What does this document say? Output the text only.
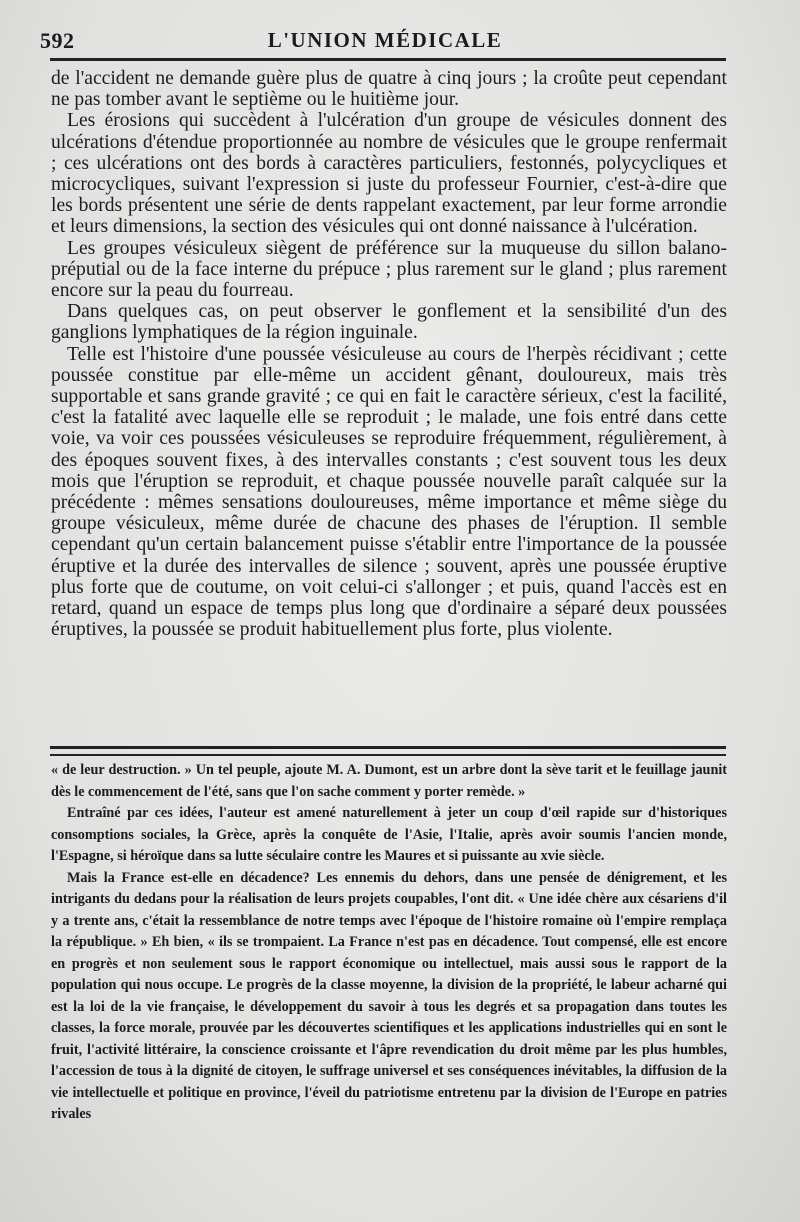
592	L'UNION MÉDICALE

de l'accident ne demande guère plus de quatre à cinq jours ; la croûte peut cependant ne pas tomber avant le septième ou le huitième jour.

Les érosions qui succèdent à l'ulcération d'un groupe de vésicules donnent des ulcérations d'étendue proportionnée au nombre de vésicules que le groupe renfermait ; ces ulcérations ont des bords à caractères particuliers, festonnés, polycycliques et microcycliques, suivant l'expression si juste du professeur Fournier, c'est-à-dire que les bords présentent une série de dents rappelant exactement, par leur forme arrondie et leurs dimensions, la section des vésicules qui ont donné naissance à l'ulcération.

Les groupes vésiculeux siègent de préférence sur la muqueuse du sillon balano-préputial ou de la face interne du prépuce ; plus rarement sur le gland ; plus rarement encore sur la peau du fourreau.

Dans quelques cas, on peut observer le gonflement et la sensibilité d'un des ganglions lymphatiques de la région inguinale.

Telle est l'histoire d'une poussée vésiculeuse au cours de l'herpès récidivant ; cette poussée constitue par elle-même un accident gênant, douloureux, mais très supportable et sans grande gravité ; ce qui en fait le caractère sérieux, c'est la facilité, c'est la fatalité avec laquelle elle se reproduit ; le malade, une fois entré dans cette voie, va voir ces poussées vésiculeuses se reproduire fréquemment, régulièrement, à des époques souvent fixes, à des intervalles constants ; c'est souvent tous les deux mois que l'éruption se reproduit, et chaque poussée nouvelle paraît calquée sur la précédente : mêmes sensations douloureuses, même importance et même siège du groupe vésiculeux, même durée de chacune des phases de l'éruption. Il semble cependant qu'un certain balancement puisse s'établir entre l'importance de la poussée éruptive et la durée des intervalles de silence ; souvent, après une poussée éruptive plus forte que de coutume, on voit celui-ci s'allonger ; et puis, quand l'accès est en retard, quand un espace de temps plus long que d'ordinaire a séparé deux poussées éruptives, la poussée se produit habituellement plus forte, plus violente.

« de leur destruction. » Un tel peuple, ajoute M. A. Dumont, est un arbre dont la sève tarit et le feuillage jaunit dès le commencement de l'été, sans que l'on sache comment y porter remède. »

Entraîné par ces idées, l'auteur est amené naturellement à jeter un coup d'œil rapide sur d'historiques consomptions sociales, la Grèce, après la conquête de l'Asie, l'Italie, après avoir soumis l'ancien monde, l'Espagne, si héroïque dans sa lutte séculaire contre les Maures et si puissante au xvie siècle.

Mais la France est-elle en décadence? Les ennemis du dehors, dans une pensée de dénigrement, et les intrigants du dedans pour la réalisation de leurs projets coupables, l'ont dit. « Une idée chère aux césariens d'il y a trente ans, c'était la ressemblance de notre temps avec l'époque de l'histoire romaine où l'empire remplaça la république. » Eh bien, « ils se trompaient. La France n'est pas en décadence. Tout compensé, elle est encore en progrès et non seulement sous le rapport économique ou intellectuel, mais aussi sous le rapport de la population qui nous occupe. Le progrès de la classe moyenne, la division de la propriété, le labeur acharné qui est la loi de la vie française, le développement du savoir à tous les degrés et sa propagation dans toutes les classes, la force morale, prouvée par les découvertes scientifiques et les applications industrielles qui en sont le fruit, l'activité littéraire, la conscience croissante et l'âpre revendication du droit même par les plus humbles, l'accession de tous à la dignité de citoyen, le suffrage universel et ses conséquences inévitables, la diffusion de la vie intellectuelle et politique en province, l'éveil du patriotisme entretenu par la division de l'Europe en patries rivales
